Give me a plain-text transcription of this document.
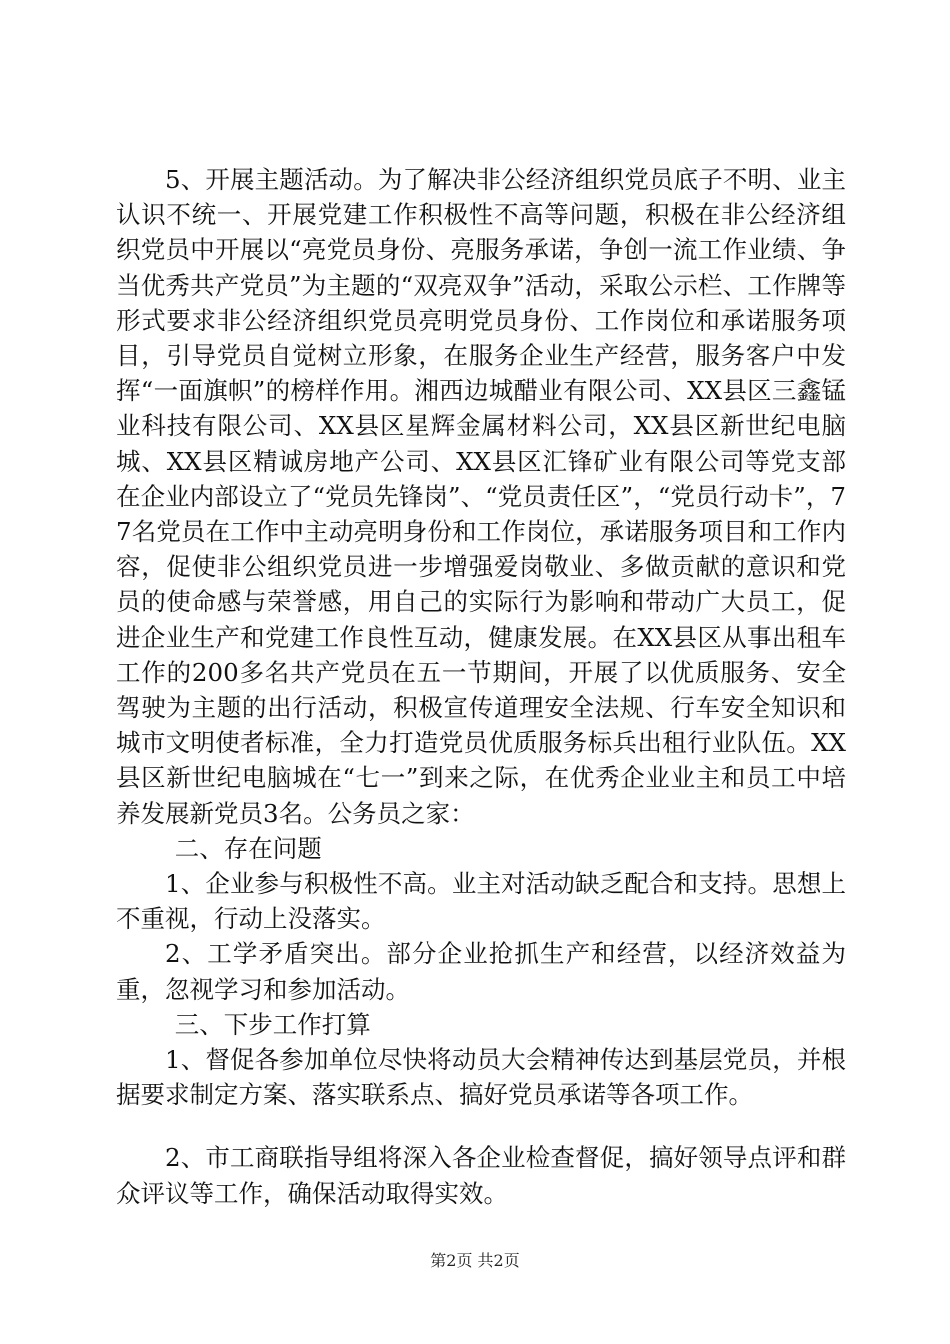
5、开展主题活动。为了解决非公经济组织党员底子不明、业主认识不统一、开展党建工作积极性不高等问题，积极在非公经济组织党员中开展以“亮党员身份、亮服务承诺，争创一流工作业绩、争当优秀共产党员”为主题的“双亮双争”活动，采取公示栏、工作牌等形式要求非公经济组织党员亮明党员身份、工作岗位和承诺服务项目，引导党员自觉树立形象，在服务企业生产经营，服务客户中发挥“一面旗帜”的榜样作用。湘西边城醋业有限公司、XX县区三鑫锰业科技有限公司、XX县区星辉金属材料公司，XX县区新世纪电脑城、XX县区精诚房地产公司、XX县区汇锋矿业有限公司等党支部在企业内部设立了“党员先锋岗”、“党员责任区”，“党员行动卡”，77名党员在工作中主动亮明身份和工作岗位，承诺服务项目和工作内容，促使非公组织党员进一步增强爱岗敬业、多做贡献的意识和党员的使命感与荣誉感，用自己的实际行为影响和带动广大员工，促进企业生产和党建工作良性互动，健康发展。在XX县区从事出租车工作的200多名共产党员在五一节期间，开展了以优质服务、安全驾驶为主题的出行活动，积极宣传道理安全法规、行车安全知识和城市文明使者标准，全力打造党员优质服务标兵出租行业队伍。XX县区新世纪电脑城在“七一”到来之际，在优秀企业业主和员工中培养发展新党员3名。公务员之家：

二、存在问题

1、企业参与积极性不高。业主对活动缺乏配合和支持。思想上不重视，行动上没落实。

2、工学矛盾突出。部分企业抢抓生产和经营，以经济效益为重，忽视学习和参加活动。

三、下步工作打算

1、督促各参加单位尽快将动员大会精神传达到基层党员，并根据要求制定方案、落实联系点、搞好党员承诺等各项工作。

2、市工商联指导组将深入各企业检查督促，搞好领导点评和群众评议等工作，确保活动取得实效。

第2页 共2页
